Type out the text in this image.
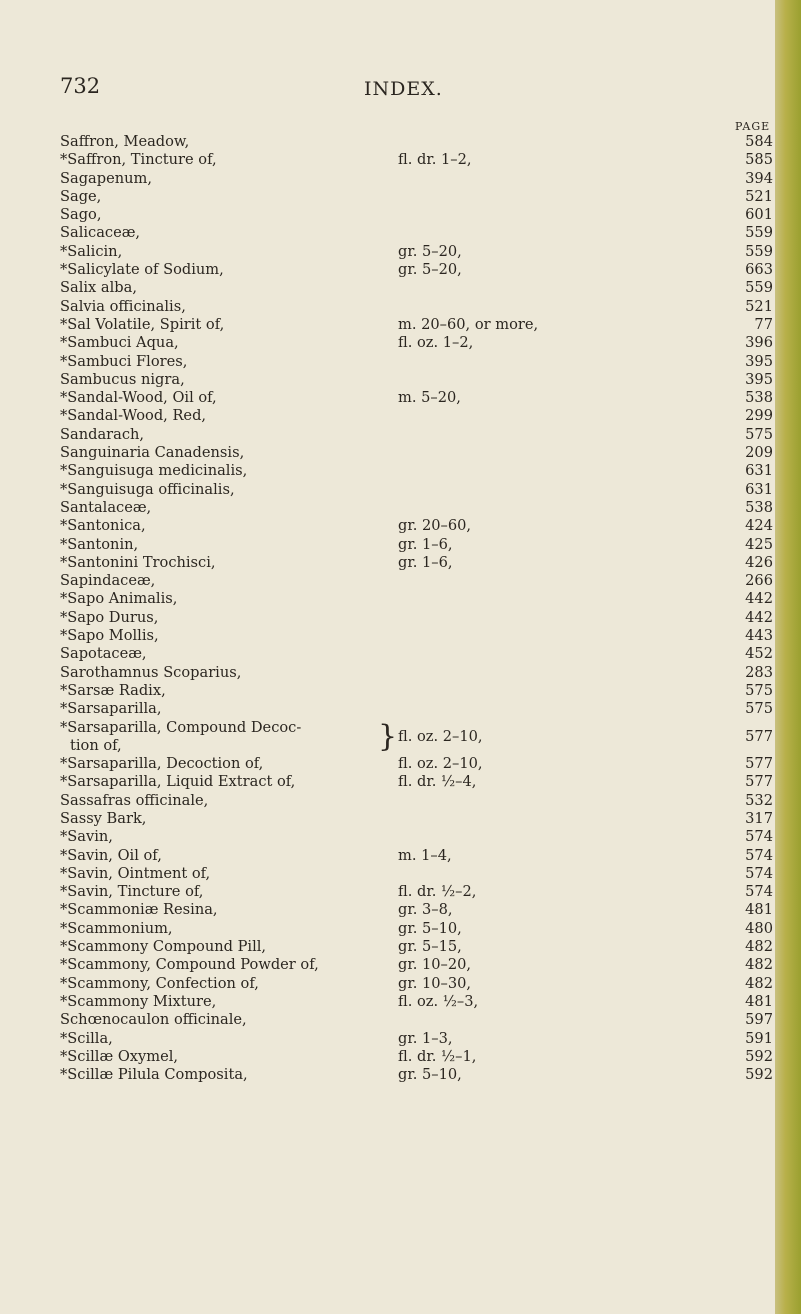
732	INDEX.
PAGE
Saffron, Meadow,	584
*Saffron, Tincture of,	fl. dr. 1–2,	585
Sagapenum,	394
Sage,	521
Sago,	601
Salicaceæ,	559
*Salicin,	gr. 5–20,	559
*Salicylate of Sodium,	gr. 5–20,	663
Salix alba,	559
Salvia officinalis,	521
*Sal Volatile, Spirit of,	m. 20–60, or more,	77
*Sambuci Aqua,	fl. oz. 1–2,	396
*Sambuci Flores,	395
Sambucus nigra,	395
*Sandal-Wood, Oil of,	m. 5–20,	538
*Sandal-Wood, Red,	299
Sandarach,	575
Sanguinaria Canadensis,	209
*Sanguisuga medicinalis,	631
*Sanguisuga officinalis,	631
Santalaceæ,	538
*Santonica,	gr. 20–60,	424
*Santonin,	gr. 1–6,	425
*Santonini Trochisci,	gr. 1–6,	426
Sapindaceæ,	266
*Sapo Animalis,	442
*Sapo Durus,	442
*Sapo Mollis,	443
Sapotaceæ,	452
Sarothamnus Scoparius,	283
*Sarsæ Radix,	575
*Sarsaparilla,	575
*Sarsaparilla, Compound Decoc-
tion of,	} fl. oz. 2–10,	577
*Sarsaparilla, Decoction of,	fl. oz. 2–10,	577
*Sarsaparilla, Liquid Extract of,	fl. dr. ½–4,	577
Sassafras officinale,	532
Sassy Bark,	317
*Savin,	574
*Savin, Oil of,	m. 1–4,	574
*Savin, Ointment of,	574
*Savin, Tincture of,	fl. dr. ½–2,	574
*Scammoniæ Resina,	gr. 3–8,	481
*Scammonium,	gr. 5–10,	480
*Scammony Compound Pill,	gr. 5–15,	482
*Scammony, Compound Powder of,	gr. 10–20,	482
*Scammony, Confection of,	gr. 10–30,	482
*Scammony Mixture,	fl. oz. ½–3,	481
Schœnocaulon officinale,	597
*Scilla,	gr. 1–3,	591
*Scillæ Oxymel,	fl. dr. ½–1,	592
*Scillæ Pilula Composita,	gr. 5–10,	592
